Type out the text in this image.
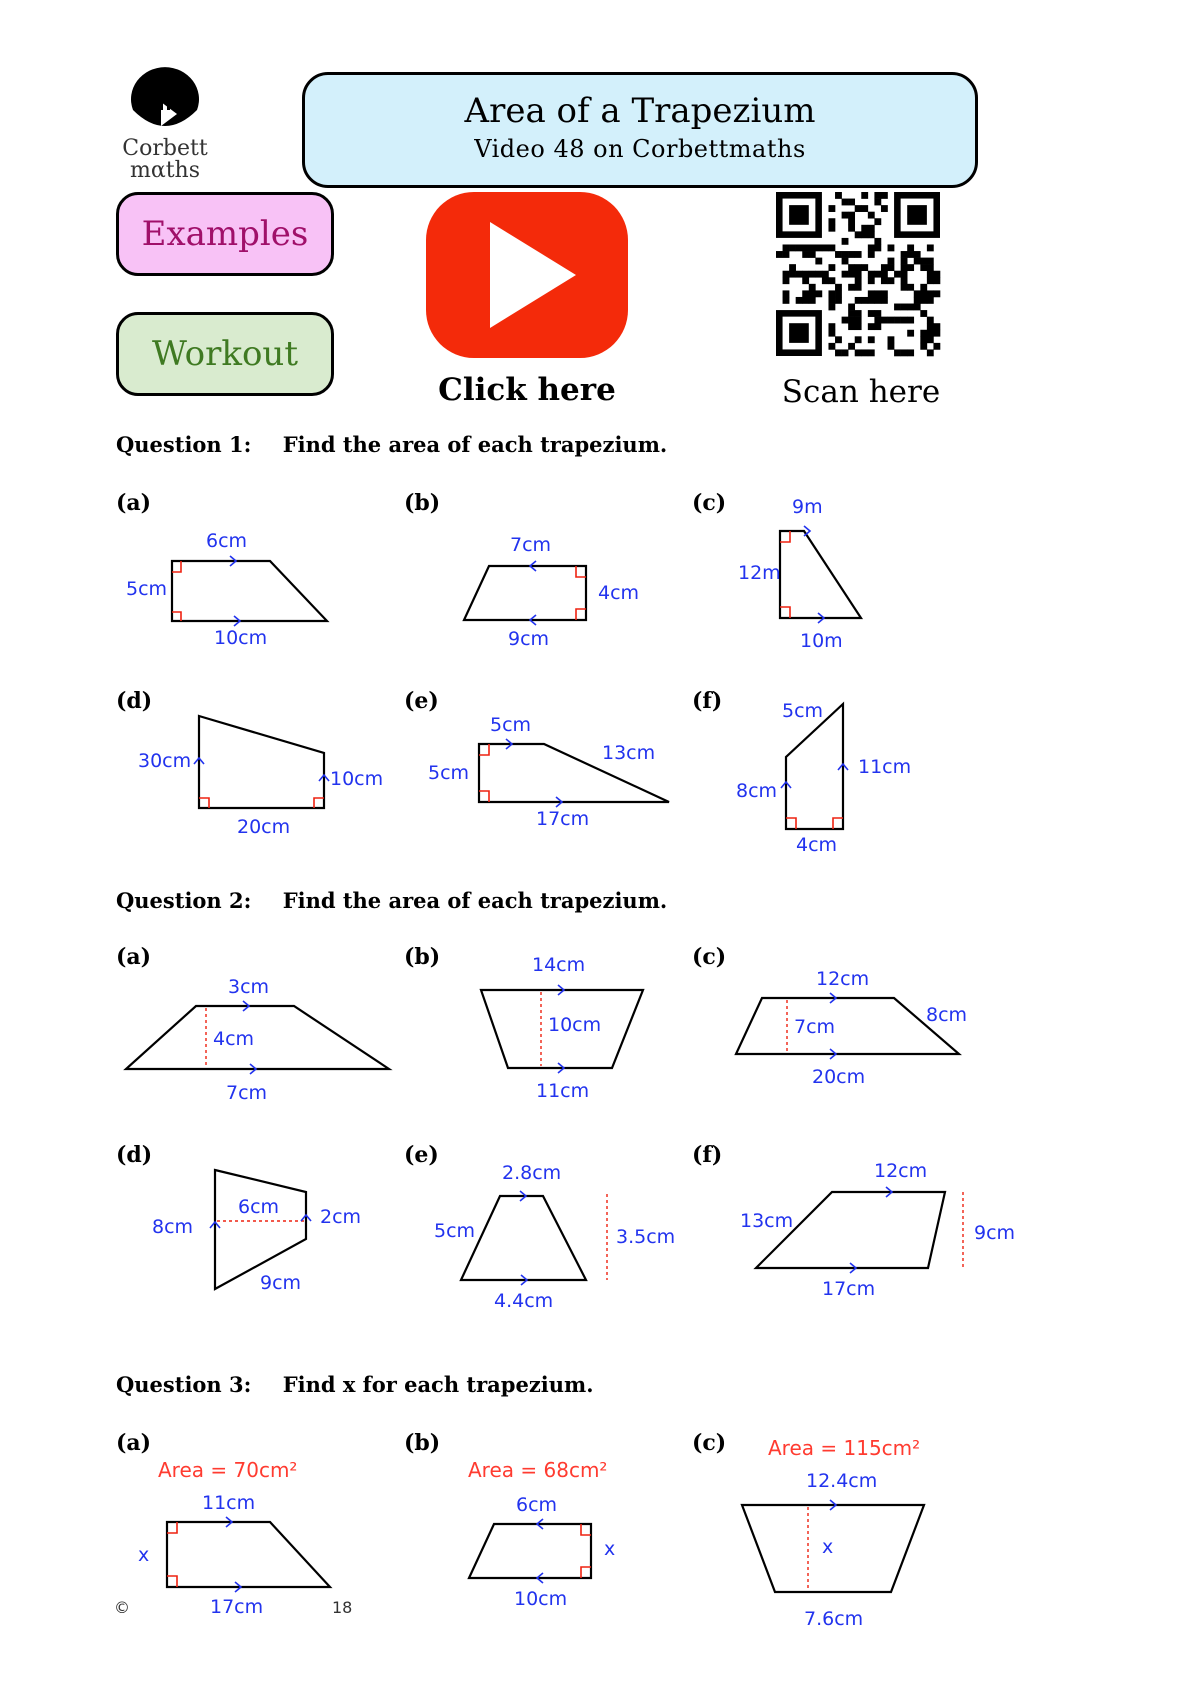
Corbett
mαths
Area of a Trapezium
Video 48 on Corbettmaths
Examples
Workout
Click here	Scan here
Question 1: Find the area of each trapezium.
Question 2: Find the area of each trapezium.
Question 3: Find x for each trapezium.
(a)	(b)	(c)
(d)	(e)	(f)
(a)	(b)	(c)
(d)	(e)	(f)
(a)	(b)	(c)
6cm
5cm
10cm
7cm
4cm
9cm
9m
12m
10m
30cm
10cm
20cm
5cm
5cm
13cm
17cm
5cm
8cm
11cm
4cm
3cm
4cm
7cm
14cm
10cm
11cm
12cm
7cm
8cm
20cm
8cm
6cm 2cm
9cm
2.8cm
5cm	3.5cm
4.4cm
12cm
13cm
9cm
17cm
Area = 70cm²
11cm
x
17cm
Area = 68cm²
6cm
x
10cm
Area = 115cm²
12.4cm
x
7.6cm
©	18
